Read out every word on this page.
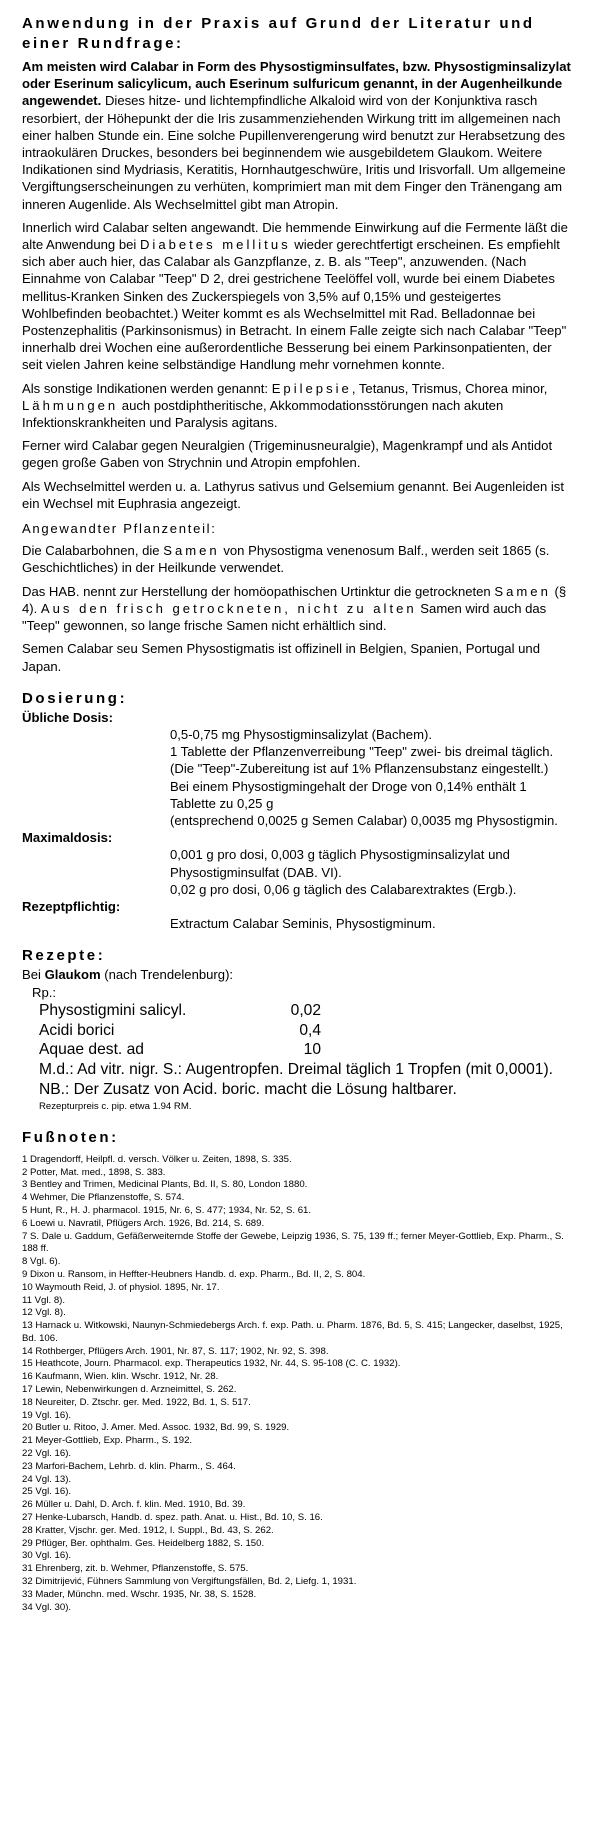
Anwendung in der Praxis auf Grund der Literatur und einer Rundfrage:

Am meisten wird Calabar in Form des Physostigminsulfates, bzw. Physostigminsalizylat oder Eserinum salicylicum, auch Eserinum sulfuricum genannt, in der Augenheilkunde angewendet. Dieses hitze- und lichtempfindliche Alkaloid wird von der Konjunktiva rasch resorbiert, der Höhepunkt der die Iris zusammenziehenden Wirkung tritt im allgemeinen nach einer halben Stunde ein. Eine solche Pupillenverengerung wird benutzt zur Herabsetzung des intraokulären Druckes, besonders bei beginnendem wie ausgebildetem Glaukom. Weitere Indikationen sind Mydriasis, Keratitis, Hornhautgeschwüre, Iritis und Irisvorfall. Um allgemeine Vergiftungserscheinungen zu verhüten, komprimiert man mit dem Finger den Tränengang am inneren Augenlide. Als Wechselmittel gibt man Atropin.

Innerlich wird Calabar selten angewandt. Die hemmende Einwirkung auf die Fermente läßt die alte Anwendung bei Diabetes mellitus wieder gerechtfertigt erscheinen. Es empfiehlt sich aber auch hier, das Calabar als Ganzpflanze, z. B. als "Teep", anzuwenden. (Nach Einnahme von Calabar "Teep" D 2, drei gestrichene Teelöffel voll, wurde bei einem Diabetes mellitus-Kranken Sinken des Zuckerspiegels von 3,5% auf 0,15% und gesteigertes Wohlbefinden beobachtet.) Weiter kommt es als Wechselmittel mit Rad. Belladonnae bei Postenzephalitis (Parkinsonismus) in Betracht. In einem Falle zeigte sich nach Calabar "Teep" innerhalb drei Wochen eine außerordentliche Besserung bei einem Parkinsonpatienten, der seit vielen Jahren keine selbständige Handlung mehr vornehmen konnte.

Als sonstige Indikationen werden genannt: Epilepsie, Tetanus, Trismus, Chorea minor, Lähmungen auch postdiphtheritische, Akkommodationsstörungen nach akuten Infektionskrankheiten und Paralysis agitans.

Ferner wird Calabar gegen Neuralgien (Trigeminusneuralgie), Magenkrampf und als Antidot gegen große Gaben von Strychnin und Atropin empfohlen.

Als Wechselmittel werden u. a. Lathyrus sativus und Gelsemium genannt. Bei Augenleiden ist ein Wechsel mit Euphrasia angezeigt.

Angewandter Pflanzenteil:

Die Calabarbohnen, die Samen von Physostigma venenosum Balf., werden seit 1865 (s. Geschichtliches) in der Heilkunde verwendet.

Das HAB. nennt zur Herstellung der homöopathischen Urtinktur die getrockneten Samen (§ 4). Aus den frisch getrockneten, nicht zu alten Samen wird auch das "Teep" gewonnen, so lange frische Samen nicht erhältlich sind.

Semen Calabar seu Semen Physostigmatis ist offizinell in Belgien, Spanien, Portugal und Japan.

Dosierung:
Übliche Dosis:
0,5-0,75 mg Physostigminsalizylat (Bachem).
1 Tablette der Pflanzenverreibung "Teep" zwei- bis dreimal täglich.
(Die "Teep"-Zubereitung ist auf 1% Pflanzensubstanz eingestellt.)
Bei einem Physostigmingehalt der Droge von 0,14% enthält 1 Tablette zu 0,25 g
(entsprechend 0,0025 g Semen Calabar) 0,0035 mg Physostigmin.
Maximaldosis:
0,001 g pro dosi, 0,003 g täglich Physostigminsalizylat und Physostigminsulfat (DAB. VI).
0,02 g pro dosi, 0,06 g täglich des Calabarextraktes (Ergb.).
Rezeptpflichtig:
Extractum Calabar Seminis, Physostigminum.
Rezepte:
Bei Glaukom (nach Trendelenburg):
Rp.:
Physostigmini salicyl.	0,02
Acidi borici	0,4
Aquae dest. ad	10
M.d.: Ad vitr. nigr. S.: Augentropfen. Dreimal täglich 1 Tropfen (mit 0,0001).
NB.: Der Zusatz von Acid. boric. macht die Lösung haltbarer.
Rezepturpreis c. pip. etwa 1.94 RM.
Fußnoten:
1 Dragendorff, Heilpfl. d. versch. Völker u. Zeiten, 1898, S. 335.
2 Potter, Mat. med., 1898, S. 383.
3 Bentley and Trimen, Medicinal Plants, Bd. II, S. 80, London 1880.
4 Wehmer, Die Pflanzenstoffe, S. 574.
5 Hunt, R., H. J. pharmacol. 1915, Nr. 6, S. 477; 1934, Nr. 52, S. 61.
6 Loewi u. Navratil, Pflügers Arch. 1926, Bd. 214, S. 689.
7 S. Dale u. Gaddum, Gefäßerweiternde Stoffe der Gewebe, Leipzig 1936, S. 75, 139 ff.; ferner Meyer-Gottlieb, Exp. Pharm., S. 188 ff.
8 Vgl. 6).
9 Dixon u. Ransom, in Heffter-Heubners Handb. d. exp. Pharm., Bd. II, 2, S. 804.
10 Waymouth Reid, J. of physiol. 1895, Nr. 17.
11 Vgl. 8).
12 Vgl. 8).
13 Harnack u. Witkowski, Naunyn-Schmiedebergs Arch. f. exp. Path. u. Pharm. 1876, Bd. 5, S. 415; Langecker, daselbst, 1925, Bd. 106.
14 Rothberger, Pflügers Arch. 1901, Nr. 87, S. 117; 1902, Nr. 92, S. 398.
15 Heathcote, Journ. Pharmacol. exp. Therapeutics 1932, Nr. 44, S. 95-108 (C. C. 1932).
16 Kaufmann, Wien. klin. Wschr. 1912, Nr. 28.
17 Lewin, Nebenwirkungen d. Arzneimittel, S. 262.
18 Neureiter, D. Ztschr. ger. Med. 1922, Bd. 1, S. 517.
19 Vgl. 16).
20 Butler u. Ritoo, J. Amer. Med. Assoc. 1932, Bd. 99, S. 1929.
21 Meyer-Gottlieb, Exp. Pharm., S. 192.
22 Vgl. 16).
23 Marfori-Bachem, Lehrb. d. klin. Pharm., S. 464.
24 Vgl. 13).
25 Vgl. 16).
26 Müller u. Dahl, D. Arch. f. klin. Med. 1910, Bd. 39.
27 Henke-Lubarsch, Handb. d. spez. path. Anat. u. Hist., Bd. 10, S. 16.
28 Kratter, Vjschr. ger. Med. 1912, I. Suppl., Bd. 43, S. 262.
29 Pflüger, Ber. ophthalm. Ges. Heidelberg 1882, S. 150.
30 Vgl. 16).
31 Ehrenberg, zit. b. Wehmer, Pflanzenstoffe, S. 575.
32 Dimitrijević, Fühners Sammlung von Vergiftungsfällen, Bd. 2, Liefg. 1, 1931.
33 Mader, Münchn. med. Wschr. 1935, Nr. 38, S. 1528.
34 Vgl. 30).
